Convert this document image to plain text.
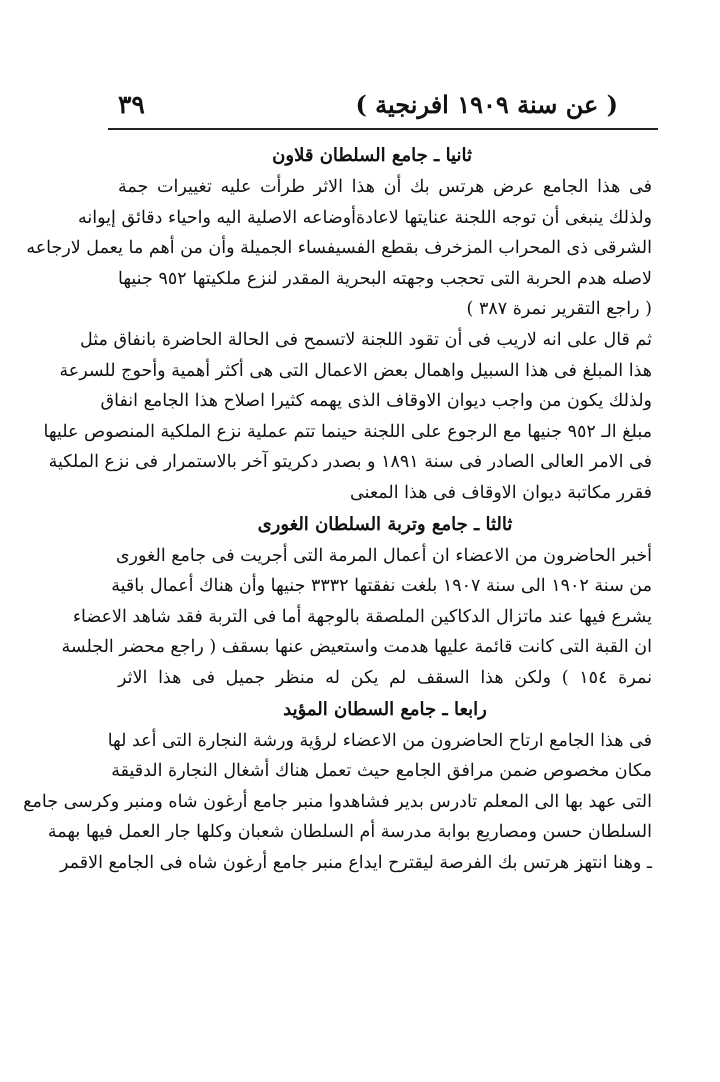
٣٩	( عن سنة ١٩٠٩ افرنجية )
ثانيا ـ جامع السلطان قلاون
فى هذا الجامع عرض هرتس بك أن هذا الاثر طرأت عليه تغييرات جمة
ولذلك ينبغى أن توجه اللجنة عنايتها لاعادةأوضاعه الاصلية اليه واحياء دقائق إيوانه
الشرقى ذى المحراب المزخرف بقطع الفسيفساء الجميلة وأن من أهم ما يعمل لارجاعه
لاصله هدم الحربة التى تحجب وجهته البحرية المقدر لنزع ملكيتها ٩٥٢ جنيها
( راجع التقرير نمرة ٣٨٧ )
ثم قال على انه لاريب فى أن تقود اللجنة لاتسمح فى الحالة الحاضرة بانفاق مثل
هذا المبلغ فى هذا السبيل واهمال بعض الاعمال التى هى أكثر أهمية وأحوج للسرعة
ولذلك يكون من واجب ديوان الاوقاف الذى يهمه كثيرا اصلاح هذا الجامع انفاق
مبلغ الـ ٩٥٢ جنيها مع الرجوع على اللجنة حينما تتم عملية نزع الملكية المنصوص عليها
فى الامر العالى الصادر فى سنة ١٨٩١ و بصدر دكريتو آخر بالاستمرار فى نزع الملكية
فقرر مكاتبة ديوان الاوقاف فى هذا المعنى
ثالثا ـ جامع وتربة السلطان الغورى
أخبر الحاضرون من الاعضاء ان أعمال المرمة التى أجريت فى جامع الغورى
من سنة ١٩٠٢ الى سنة ١٩٠٧ بلغت نفقتها ٣٣٣٢ جنيها وأن هناك أعمال باقية
يشرع فيها عند ماتزال الدكاكين الملصقة بالوجهة أما فى التربة فقد شاهد الاعضاء
ان القبة التى كانت قائمة عليها هدمت واستعيض عنها بسقف ( راجع محضر الجلسة
نمرة ١٥٤ ) ولكن هذا السقف لم يكن له منظر جميل فى هذا الاثر
رابعا ـ جامع السطان المؤيد
فى هذا الجامع ارتاح الحاضرون من الاعضاء لرؤية ورشة النجارة التى أعد لها
مكان مخصوص ضمن مرافق الجامع حيث تعمل هناك أشغال النجارة الدقيقة
التى عهد بها الى المعلم تادرس بدير فشاهدوا منبر جامع أرغون شاه ومنبر وكرسى جامع
السلطان حسن ومصاريع بوابة مدرسة أم السلطان شعبان وكلها جار العمل فيها بهمة
ـ وهنا انتهز هرتس بك الفرصة ليقترح ايداع منبر جامع أرغون شاه فى الجامع الاقمر
